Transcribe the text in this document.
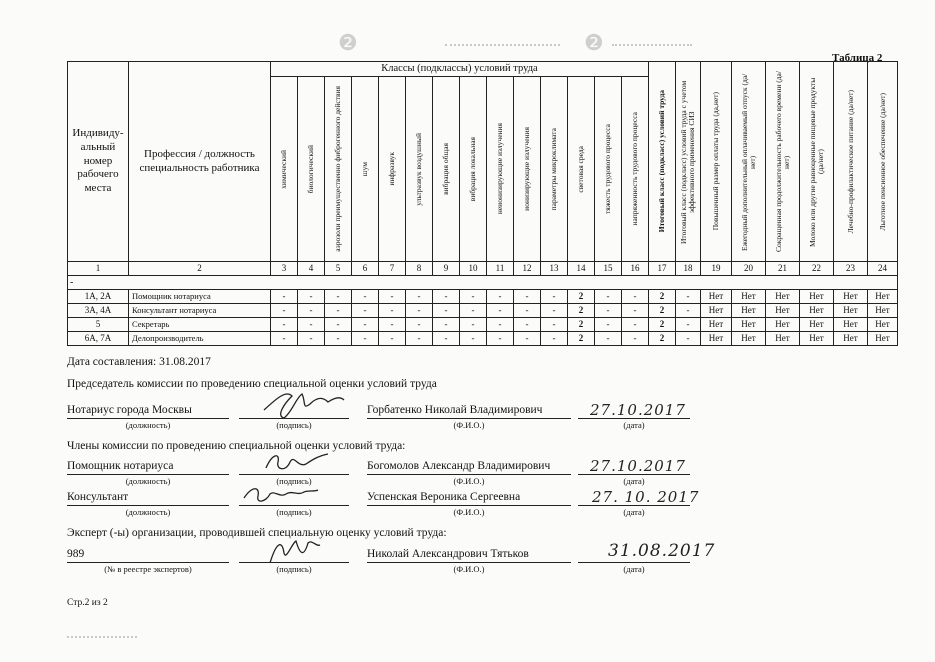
❷	❷
Таблица 2
Индивиду-альный номер рабочего места	Профессия / должность специальность работника	Классы (подклассы) условий труда														Итоговый класс (подкласс) условий труда	Итоговый класс (подкласс) условий труда с учетом эффективного применения СИЗ	Повышенный размер оплаты труда (да,нет)	Ежегодный дополнительный оплачиваемый отпуск (да/нет)	Сокращенная продолжительность рабочего времени (да/нет)	Молоко или другие равноценные пищевые продукты (да/нет)	Лечебно-профилактическое питание (да/нет)	Льготное пенсионное обеспечение (да/нет)

		химический	биологический	аэрозоли преимущественно фиброгенного действия	шум	инфразвук	ультразвук воздушный	вибрация общая	вибрация локальная	неионизирующие излучения	ионизирующие излучения	параметры микроклимата	световая среда	тяжесть трудового процесса	напряженность трудового процесса								

1	2	3	4	5	6	7	8	9	10	11	12	13	14	15	16	17	18	19	20	21	22	23	24
-																							
1А, 2А	Помощник нотариуса	-	-	-	-	-	-	-	-	-	-	-	2	-	-	2	-	Нет	Нет	Нет	Нет	Нет	Нет
3А, 4А	Консультант нотариуса	-	-	-	-	-	-	-	-	-	-	-	2	-	-	2	-	Нет	Нет	Нет	Нет	Нет	Нет
5	Секретарь	-	-	-	-	-	-	-	-	-	-	-	2	-	-	2	-	Нет	Нет	Нет	Нет	Нет	Нет
6А, 7А	Делопроизводитель	-	-	-	-	-	-	-	-	-	-	-	2	-	-	2	-	Нет	Нет	Нет	Нет	Нет	Нет
Дата составления: 31.08.2017
Председатель комиссии по проведению специальной оценки условий труда
Нотариус города Москвы
(должность)	(подпись)
Горбатенко Николай Владимирович
(Ф.И.О.)
27.10.2017
(дата)
Члены комиссии по проведению специальной оценки условий труда:
Помощник нотариуса
(должность)	(подпись)
Богомолов Александр Владимирович
(Ф.И.О.)
27.10.2017
(дата)
Консультант
(должность)	(подпись)
Успенская Вероника Сергеевна
(Ф.И.О.)
27. 10. 2017
(дата)
Эксперт (-ы) организации, проводившей специальную оценку условий труда:
989
(№ в реестре экспертов)	(подпись)
Николай Александрович Тятьков
(Ф.И.О.)
31.08.2017
(дата)
Стр.2 из 2
